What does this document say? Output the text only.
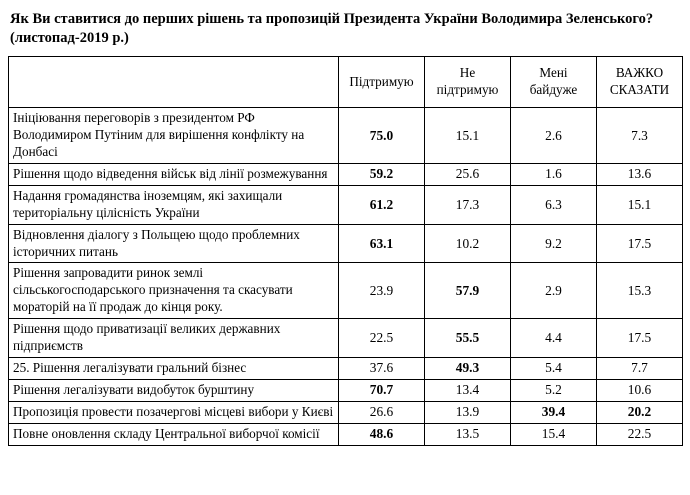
Як Ви ставитися до перших рішень та пропозицій Президента України Володимира Зеленського? (листопад-2019 р.)
	Підтримую	Не підтримую	Мені байдуже	ВАЖКО СКАЗАТИ
Ініціювання переговорів з президентом РФ Володимиром Путіним для вирішення конфлікту на Донбасі	75.0	15.1	2.6	7.3
Рішення щодо відведення військ від лінії розмежування	59.2	25.6	1.6	13.6
Надання громадянства іноземцям, які захищали територіальну цілісність України	61.2	17.3	6.3	15.1
Відновлення діалогу з Польщею щодо проблемних історичних питань	63.1	10.2	9.2	17.5
Рішення запровадити ринок землі сільськогосподарського призначення та скасувати мораторій на її продаж до кінця року.	23.9	57.9	2.9	15.3
Рішення щодо приватизації великих державних підприємств	22.5	55.5	4.4	17.5
25. Рішення легалізувати гральний бізнес	37.6	49.3	5.4	7.7
Рішення легалізувати видобуток бурштину	70.7	13.4	5.2	10.6
Пропозиція провести позачергові місцеві вибори у Києві	26.6	13.9	39.4	20.2
Повне оновлення складу Центральної виборчої комісії	48.6	13.5	15.4	22.5
